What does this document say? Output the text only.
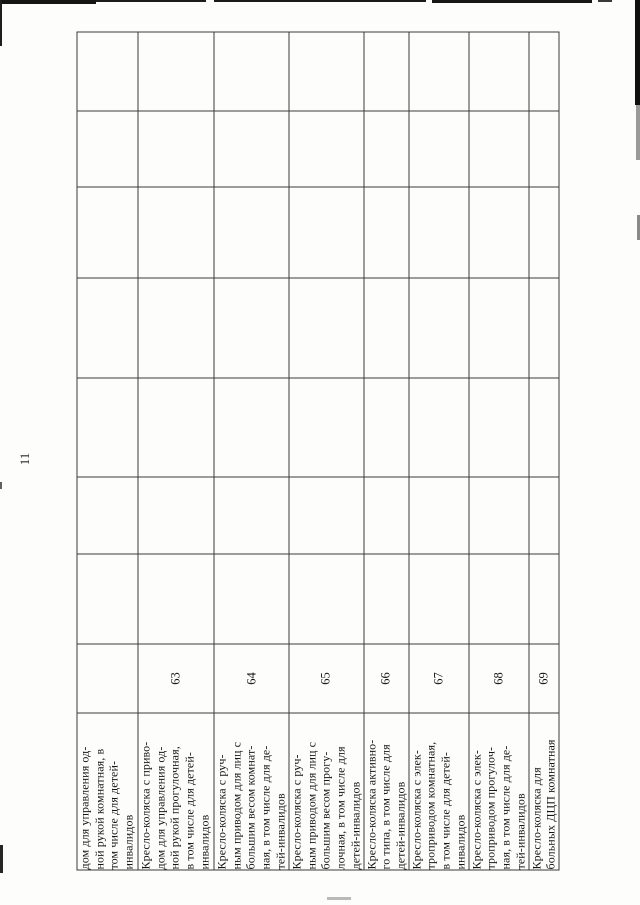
11
дом для управления од-
ной рукой комнатная, в
том числе для детей-
инвалидов								
Кресло-коляска с приво-
дом для управления од-
ной рукой прогулочная,
в том числе для детей-
инвалидов	63							
Кресло-коляска с руч-
ным приводом для лиц с
большим весом комнат-
ная, в том числе для де-
тей-инвалидов	64							
Кресло-коляска с руч-
ным приводом для лиц с
большим весом прогу-
лочная, в том числе для
детей-инвалидов	65							
Кресло-коляска активно-
го типа, в том числе для
детей-инвалидов	66							
Кресло-коляска с элек-
троприводом комнатная,
в том числе для детей-
инвалидов	67							
Кресло-коляска с элек-
троприводом прогулоч-
ная, в том числе для де-
тей-инвалидов	68							
Кресло-коляска для
больных ДЦП комнатная	69							
